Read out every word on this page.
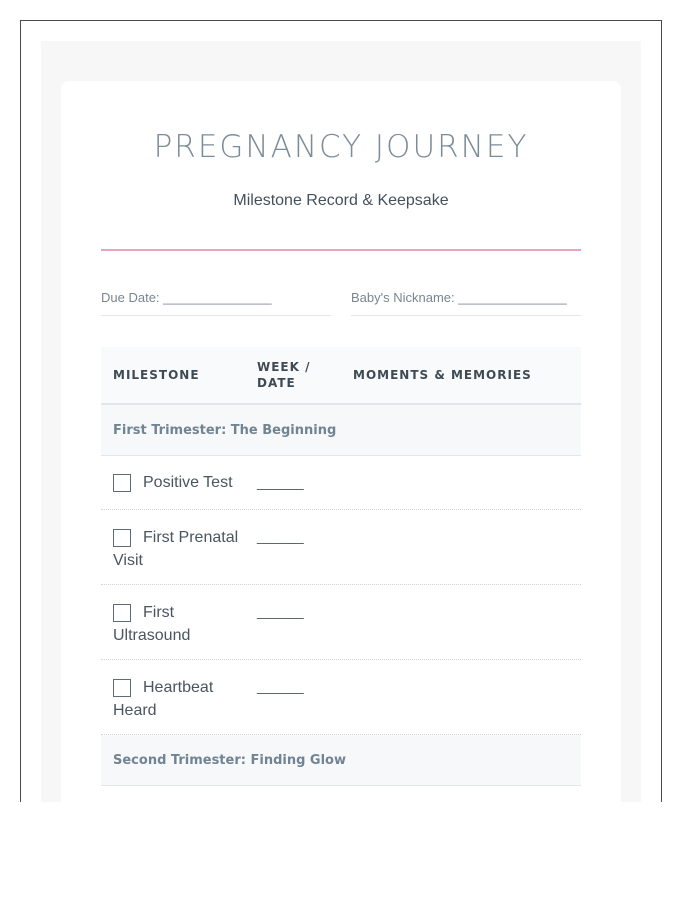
PREGNANCY JOURNEY
Milestone Record & Keepsake
Due Date: _______________	Baby's Nickname: _______________
MILESTONE
WEEK / DATE
MOMENTS & MEMORIES
First Trimester: The Beginning
Positive Test	______
First Prenatal Visit
______
First Ultrasound
______
Heartbeat Heard
______
Second Trimester: Finding Glow
